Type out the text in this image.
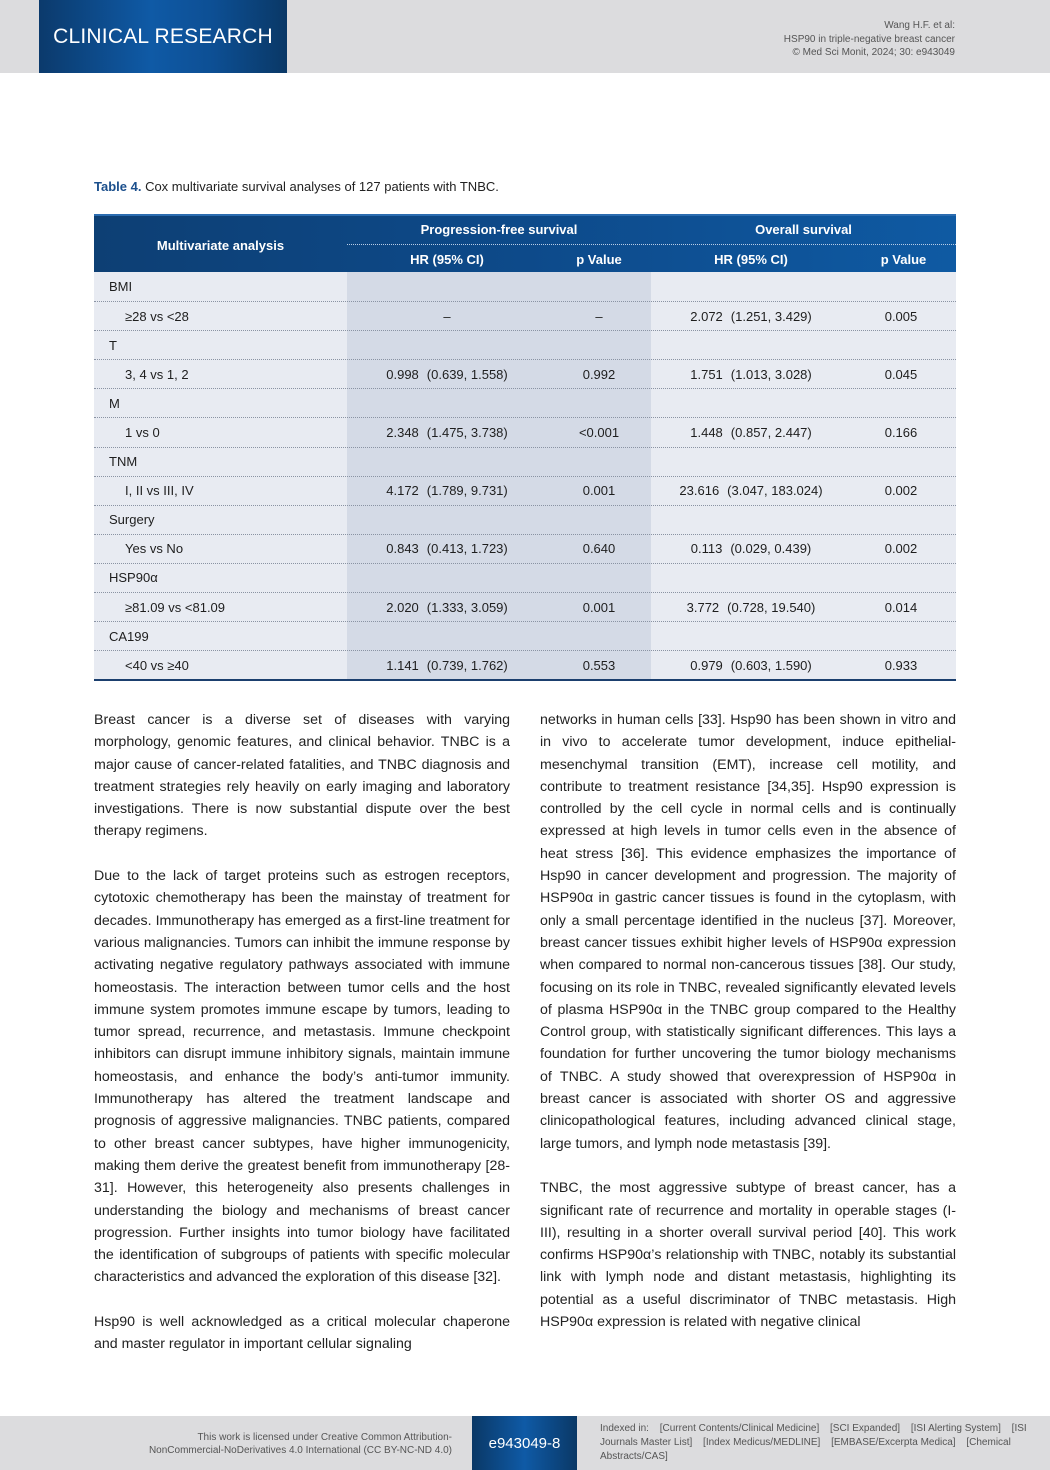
CLINICAL RESEARCH	Wang H.F. et al:
HSP90 in triple-negative breast cancer
© Med Sci Monit, 2024; 30: e943049
Table 4. Cox multivariate survival analyses of 127 patients with TNBC.
Multivariate analysis
Progression-free survival	Overall survival
HR (95% CI)	p Value	HR (95% CI)	p Value
BMI
≥28 vs <28	–	–	2.072 (1.251, 3.429)	0.005
T
3, 4 vs 1, 2	0.998 (0.639, 1.558)	0.992	1.751 (1.013, 3.028)	0.045
M
1 vs 0	2.348 (1.475, 3.738)	<0.001	1.448 (0.857, 2.447)	0.166
TNM
I, II vs III, IV	4.172 (1.789, 9.731)	0.001	23.616 (3.047, 183.024)	0.002
Surgery
Yes vs No	0.843 (0.413, 1.723)	0.640	0.113 (0.029, 0.439)	0.002
HSP90α
≥81.09 vs <81.09	2.020 (1.333, 3.059)	0.001	3.772 (0.728, 19.540)	0.014
CA199
<40 vs ≥40	1.141 (0.739, 1.762)	0.553	0.979 (0.603, 1.590)	0.933

Breast cancer is a diverse set of diseases with varying morphology, genomic features, and clinical behavior. TNBC is a major cause of cancer-related fatalities, and TNBC diagnosis and treatment strategies rely heavily on early imaging and laboratory investigations. There is now substantial dispute over the best therapy regimens.

Due to the lack of target proteins such as estrogen receptors, cytotoxic chemotherapy has been the mainstay of treatment for decades. Immunotherapy has emerged as a first-line treatment for various malignancies. Tumors can inhibit the immune response by activating negative regulatory pathways associated with immune homeostasis. The interaction between tumor cells and the host immune system promotes immune escape by tumors, leading to tumor spread, recurrence, and metastasis. Immune checkpoint inhibitors can disrupt immune inhibitory signals, maintain immune homeostasis, and enhance the body’s anti-tumor immunity. Immunotherapy has altered the treatment landscape and prognosis of aggressive malignancies. TNBC patients, compared to other breast cancer subtypes, have higher immunogenicity, making them derive the greatest benefit from immunotherapy [28-31]. However, this heterogeneity also presents challenges in understanding the biology and mechanisms of breast cancer progression. Further insights into tumor biology have facilitated the identification of subgroups of patients with specific molecular characteristics and advanced the exploration of this disease [32].

Hsp90 is well acknowledged as a critical molecular chaperone and master regulator in important cellular signaling

networks in human cells [33]. Hsp90 has been shown in vitro and in vivo to accelerate tumor development, induce epithelial-mesenchymal transition (EMT), increase cell motility, and contribute to treatment resistance [34,35]. Hsp90 expression is controlled by the cell cycle in normal cells and is continually expressed at high levels in tumor cells even in the absence of heat stress [36]. This evidence emphasizes the importance of Hsp90 in cancer development and progression. The majority of HSP90α in gastric cancer tissues is found in the cytoplasm, with only a small percentage identified in the nucleus [37]. Moreover, breast cancer tissues exhibit higher levels of HSP90α expression when compared to normal non-cancerous tissues [38]. Our study, focusing on its role in TNBC, revealed significantly elevated levels of plasma HSP90α in the TNBC group compared to the Healthy Control group, with statistically significant differences. This lays a foundation for further uncovering the tumor biology mechanisms of TNBC. A study showed that overexpression of HSP90α in breast cancer is associated with shorter OS and aggressive clinicopathological features, including advanced clinical stage, large tumors, and lymph node metastasis [39].

TNBC, the most aggressive subtype of breast cancer, has a significant rate of recurrence and mortality in operable stages (I-III), resulting in a shorter overall survival period [40]. This work confirms HSP90α’s relationship with TNBC, notably its substantial link with lymph node and distant metastasis, highlighting its potential as a useful discriminator of TNBC metastasis. High HSP90α expression is related with negative clinical

This work is licensed under Creative Common Attribution-
NonCommercial-NoDerivatives 4.0 International (CC BY-NC-ND 4.0)	e943049-8
Indexed in: [Current Contents/Clinical Medicine] [SCI Expanded] [ISI Alerting System] [ISI Journals Master List] [Index Medicus/MEDLINE] [EMBASE/Excerpta Medica] [Chemical Abstracts/CAS]
